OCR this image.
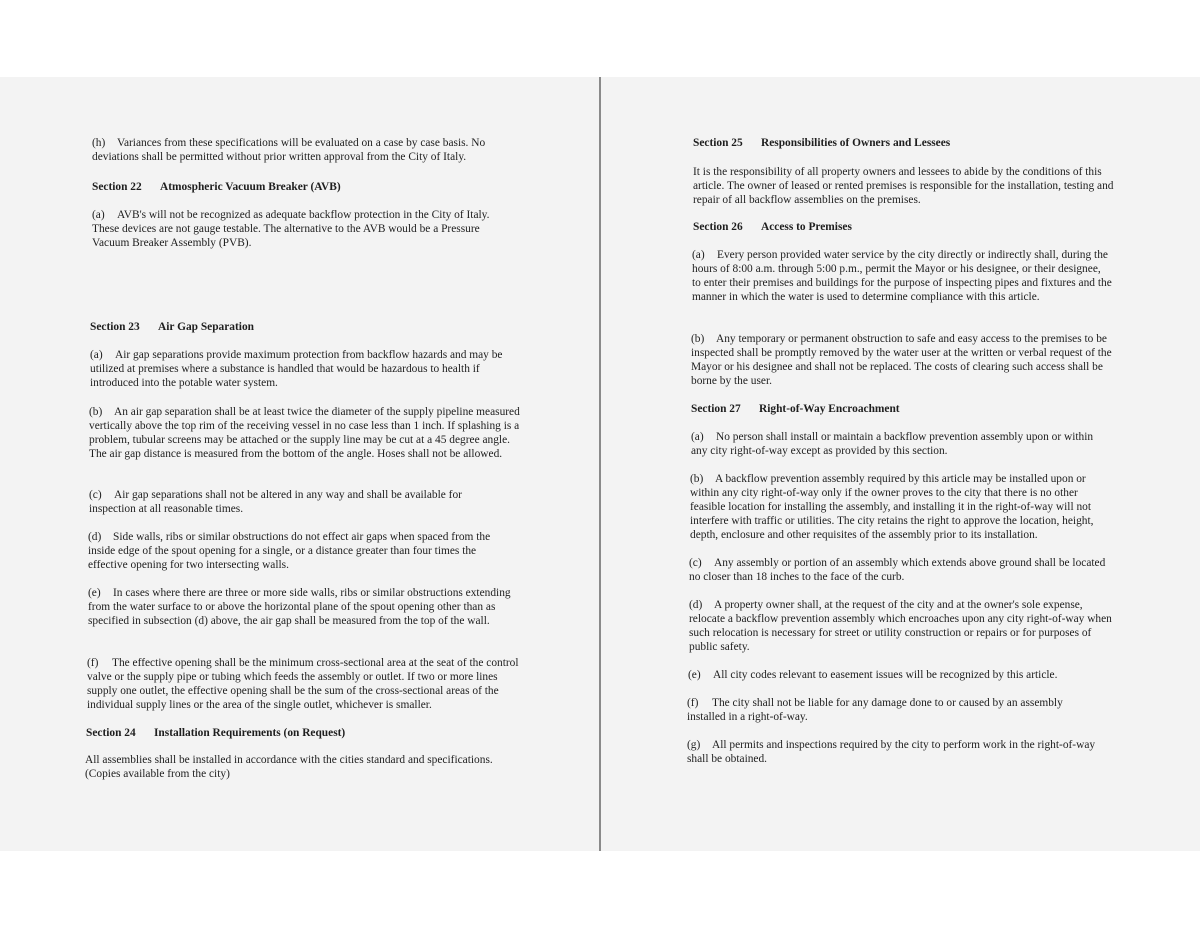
(h) Variances from these specifications will be evaluated on a case by case basis. No deviations shall be permitted without prior written approval from the City of Italy.

Section 22 Atmospheric Vacuum Breaker (AVB)

(a) AVB's will not be recognized as adequate backflow protection in the City of Italy. These devices are not gauge testable. The alternative to the AVB would be a Pressure Vacuum Breaker Assembly (PVB).

Section 23 Air Gap Separation

(a) Air gap separations provide maximum protection from backflow hazards and may be utilized at premises where a substance is handled that would be hazardous to health if introduced into the potable water system.

(b) An air gap separation shall be at least twice the diameter of the supply pipeline measured vertically above the top rim of the receiving vessel in no case less than 1 inch. If splashing is a problem, tubular screens may be attached or the supply line may be cut at a 45 degree angle. The air gap distance is measured from the bottom of the angle. Hoses shall not be allowed.

(c) Air gap separations shall not be altered in any way and shall be available for inspection at all reasonable times.

(d) Side walls, ribs or similar obstructions do not effect air gaps when spaced from the inside edge of the spout opening for a single, or a distance greater than four times the effective opening for two intersecting walls.

(e) In cases where there are three or more side walls, ribs or similar obstructions extending from the water surface to or above the horizontal plane of the spout opening other than as specified in subsection (d) above, the air gap shall be measured from the top of the wall.

(f) The effective opening shall be the minimum cross-sectional area at the seat of the control valve or the supply pipe or tubing which feeds the assembly or outlet. If two or more lines supply one outlet, the effective opening shall be the sum of the cross-sectional areas of the individual supply lines or the area of the single outlet, whichever is smaller.

Section 24 Installation Requirements (on Request)

All assemblies shall be installed in accordance with the cities standard and specifications. (Copies available from the city)

Section 25 Responsibilities of Owners and Lessees

It is the responsibility of all property owners and lessees to abide by the conditions of this article. The owner of leased or rented premises is responsible for the installation, testing and repair of all backflow assemblies on the premises.

Section 26 Access to Premises

(a) Every person provided water service by the city directly or indirectly shall, during the hours of 8:00 a.m. through 5:00 p.m., permit the Mayor or his designee, or their designee, to enter their premises and buildings for the purpose of inspecting pipes and fixtures and the manner in which the water is used to determine compliance with this article.

(b) Any temporary or permanent obstruction to safe and easy access to the premises to be inspected shall be promptly removed by the water user at the written or verbal request of the Mayor or his designee and shall not be replaced. The costs of clearing such access shall be borne by the user.

Section 27 Right-of-Way Encroachment

(a) No person shall install or maintain a backflow prevention assembly upon or within any city right-of-way except as provided by this section.

(b) A backflow prevention assembly required by this article may be installed upon or within any city right-of-way only if the owner proves to the city that there is no other feasible location for installing the assembly, and installing it in the right-of-way will not interfere with traffic or utilities. The city retains the right to approve the location, height, depth, enclosure and other requisites of the assembly prior to its installation.

(c) Any assembly or portion of an assembly which extends above ground shall be located no closer than 18 inches to the face of the curb.

(d) A property owner shall, at the request of the city and at the owner's sole expense, relocate a backflow prevention assembly which encroaches upon any city right-of-way when such relocation is necessary for street or utility construction or repairs or for purposes of public safety.

(e) All city codes relevant to easement issues will be recognized by this article.

(f) The city shall not be liable for any damage done to or caused by an assembly installed in a right-of-way.

(g) All permits and inspections required by the city to perform work in the right-of-way shall be obtained.
